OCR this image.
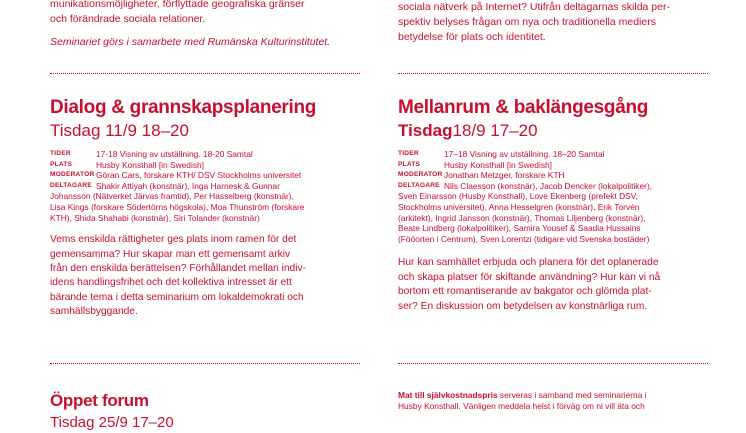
munikationsmöjligheter, förflyttade geografiska gränser

och förändrade sociala relationer.

Seminariet görs i samarbete med Rumänska Kulturinstitutet.

sociala nätverk på Internet? Utifrån deltagarnas skilda per-

spektiv belyses frågan om nya och traditionella mediers

betydelse för plats och identitet.

Dialog & grannskapsplanering
Tisdag 11/9 18–20
TIDER	17-18 Visning av utställning. 18-20 Samtal
PLATS	Husby Konsthall [in Swedish]
MODERATOR Göran Cars, forskare KTH/ DSV Stockholms universitet
DELTAGARE Shakir Attiyah (konstnär), Inga Harnesk & Gunnar

Johansson (Nätverket Järvas framtid), Per Hasselberg (konstnär),

Lisa Kings (forskare Södertörns högskola), Moa Thunström (forskare

KTH), Shida Shahabi (konstnär), Siri Tolander (konstnär)

Vems enskilda rättigheter ges plats inom ramen för det

gemensamma? Hur skapar man ett gemensamt arkiv

från den enskilda berättelsen? Förhållandet mellan indiv-

idens handlingsfrihet och det kollektiva intresset är ett

bärande tema i detta seminarium om lokaldemokrati och

samhällsbyggande.

Mellanrum & baklängesgång
Tisdag18/9 17–20
TIDER	17–18 Visning av utställning. 18–20 Samtal
PLATS	Husby Konsthall [in Swedish]
MODERATOR Jonathan Metzger, forskare KTH
DELTAGARE Nils Claesson (konstnär), Jacob Dencker (lokalpolitiker),

Sven Einarsson (Husby Konsthall), Love Ekenberg (prefekt DSV,

Stockholms universitet), Anna Hesselgren (konstnär), Erik Torvén

(arkitekt), Ingrid Jansson (konstnär), Thomas Liljenberg (konstnär),

Beate Lindberg (lokalpolitiker), Samira Yousef & Saadia Hussains

(Fööorten i Centrum), Sven Lorentzi (tidigare vid Svenska bostäder)

Hur kan samhället erbjuda och planera för det oplanerade

och skapa platser för skiftande användning? Hur kan vi nå

bortom ett romantiserande av bakgator och glömda plat-

ser? En diskussion om betydelsen av konstnärliga rum.

Öppet forum
Tisdag 25/9 17–20

Mat till självkostnadspris serveras i samband med seminarierna i

Husby Konsthall. Vänligen meddela helst i förväg om ni vill äta och
